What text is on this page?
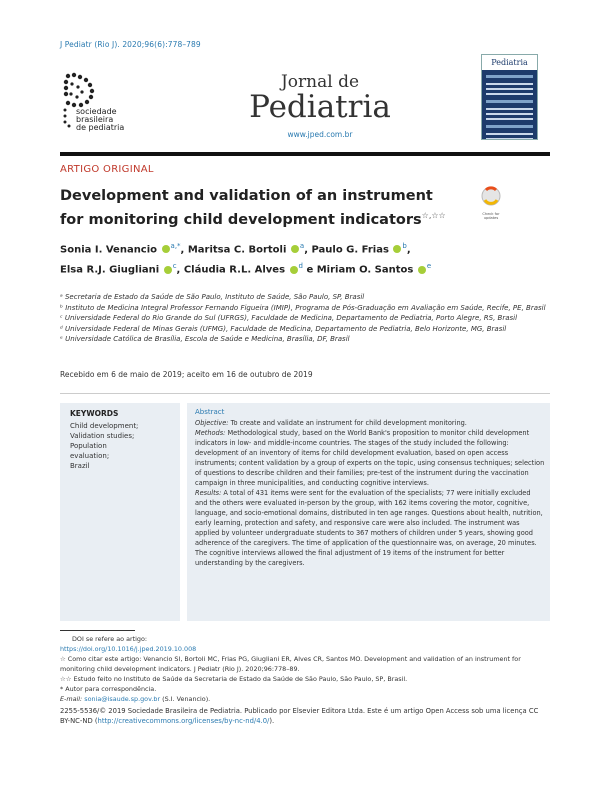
J Pediatr (Rio J). 2020;96(6):778–789
sociedade
brasileira
de pediatria
Jornal de
Pediatria
www.jped.com.br
Pediatria
ARTIGO ORIGINAL
Development and validation of an instrument
for monitoring child development indicators☆,☆☆	Check for updates
Sonia I. Venancio $^{a,*}$, Maritsa C. Bortoli $^a$, Paulo G. Frias $^b$,
Elsa R.J. Giugliani $^c$, Cláudia R.L. Alves $^d$ e Miriam O. Santos $^e$

ᵃ Secretaria de Estado da Saúde de São Paulo, Instituto de Saúde, São Paulo, SP, Brasil

ᵇ Instituto de Medicina Integral Professor Fernando Figueira (IMIP), Programa de Pós-Graduação em Avaliação em Saúde, Recife, PE, Brasil

ᶜ Universidade Federal do Rio Grande do Sul (UFRGS), Faculdade de Medicina, Departamento de Pediatria, Porto Alegre, RS, Brasil

ᵈ Universidade Federal de Minas Gerais (UFMG), Faculdade de Medicina, Departamento de Pediatria, Belo Horizonte, MG, Brasil

ᵉ Universidade Católica de Brasília, Escola de Saúde e Medicina, Brasília, DF, Brasil

Recebido em 6 de maio de 2019; aceito em 16 de outubro de 2019
KEYWORDS
Child development;
Validation studies;
Population
evaluation;
Brazil
Abstract

Objective: To create and validate an instrument for child development monitoring.

Methods: Methodological study, based on the World Bank's proposition to monitor child development indicators in low- and middle-income countries. The stages of the study included the following: development of an inventory of items for child development evaluation, based on open access instruments; content validation by a group of experts on the topic, using consensus techniques; selection of questions to describe children and their families; pre-test of the instrument during the vaccination campaign in three municipalities, and conducting cognitive interviews.

Results: A total of 431 items were sent for the evaluation of the specialists; 77 were initially excluded and the others were evaluated in-person by the group, with 162 items covering the motor, cognitive, language, and socio-emotional domains, distributed in ten age ranges. Questions about health, nutrition, early learning, protection and safety, and responsive care were also included. The instrument was applied by volunteer undergraduate students to 367 mothers of children under 5 years, showing good adherence of the caregivers. The time of application of the questionnaire was, on average, 20 minutes. The cognitive interviews allowed the final adjustment of 19 items of the instrument for better understanding by the caregivers.

DOI se refere ao artigo:

https://doi.org/10.1016/j.jped.2019.10.008

☆ Como citar este artigo: Venancio SI, Bortoli MC, Frias PG, Giugliani ER, Alves CR, Santos MO. Development and validation of an instrument for monitoring child development indicators. J Pediatr (Rio J). 2020;96:778–89.

☆☆ Estudo feito no Instituto de Saúde da Secretaria de Estado da Saúde de São Paulo, São Paulo, SP, Brasil.

* Autor para correspondência.

E-mail: sonia@isaude.sp.gov.br (S.I. Venancio).

2255-5536/© 2019 Sociedade Brasileira de Pediatria. Publicado por Elsevier Editora Ltda. Este é um artigo Open Access sob uma licença CC BY-NC-ND (http://creativecommons.org/licenses/by-nc-nd/4.0/).
